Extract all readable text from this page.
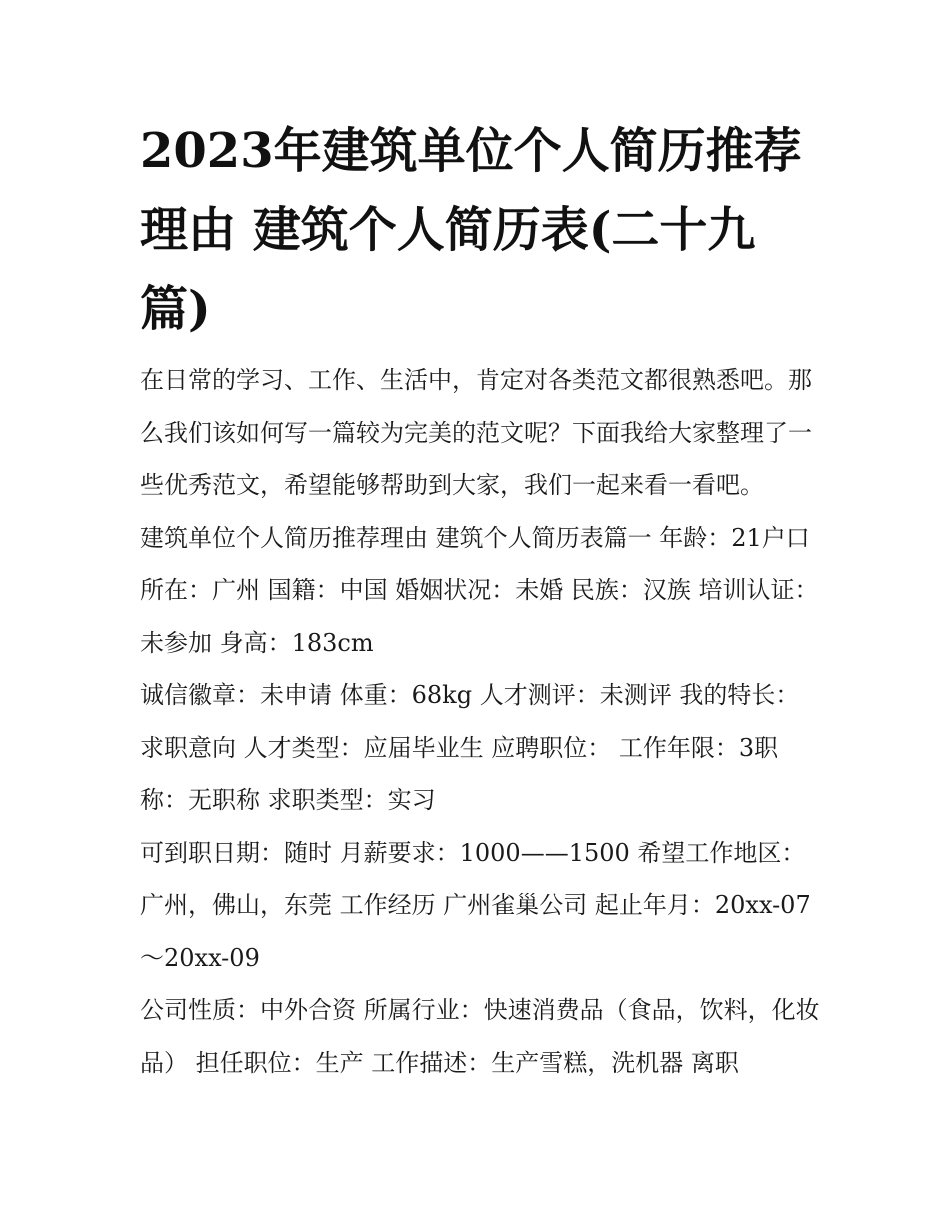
2023年建筑单位个人简历推荐理由 建筑个人简历表(二十九篇)

在日常的学习、工作、生活中，肯定对各类范文都很熟悉吧。那么我们该如何写一篇较为完美的范文呢？下面我给大家整理了一些优秀范文，希望能够帮助到大家，我们一起来看一看吧。

建筑单位个人简历推荐理由 建筑个人简历表篇一 年龄：21户口所在：广州 国籍：中国 婚姻状况：未婚 民族：汉族 培训认证：未参加 身高：183cm

诚信徽章：未申请 体重：68kg 人才测评：未测评 我的特长：求职意向 人才类型：应届毕业生 应聘职位： 工作年限：3职称：无职称 求职类型：实习

可到职日期：随时 月薪要求：1000——1500 希望工作地区：广州，佛山，东莞 工作经历 广州雀巢公司 起止年月：20xx-07～20xx-09

公司性质：中外合资 所属行业：快速消费品（食品，饮料，化妆品） 担任职位：生产 工作描述：生产雪糕，洗机器 离职
